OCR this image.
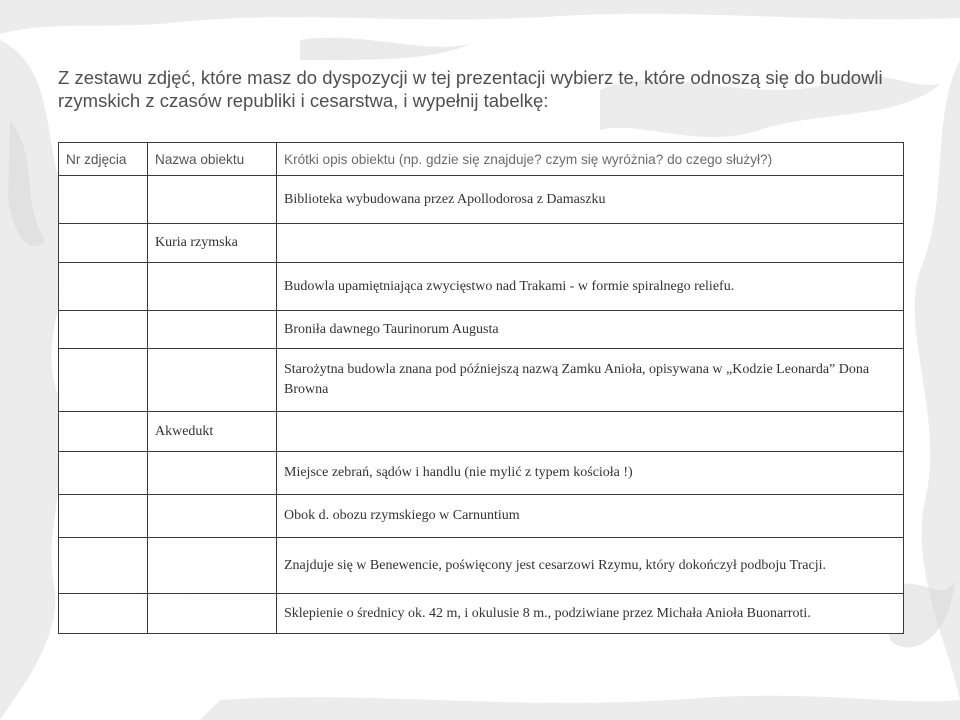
Z zestawu zdjęć, które masz do dyspozycji w tej prezentacji wybierz te, które odnoszą się do budowli rzymskich z czasów republiki i cesarstwa, i wypełnij tabelkę:

Nr zdjęcia	Nazwa obiektu	Krótki opis obiektu (np. gdzie się znajduje? czym się wyróżnia? do czego służył?)
		Biblioteka wybudowana przez Apollodorosa z Damaszku
	Kuria rzymska	
		Budowla upamiętniająca zwycięstwo nad Trakami - w formie spiralnego reliefu.
		Broniła dawnego Taurinorum Augusta
		Starożytna budowla znana pod późniejszą nazwą Zamku Anioła, opisywana w „Kodzie Leonarda” Dona Browna
	Akwedukt	
		Miejsce zebrań, sądów i handlu (nie mylić z typem kościoła !)
		Obok d. obozu rzymskiego w Carnuntium
		Znajduje się w Benewencie, poświęcony jest cesarzowi Rzymu, który dokończył podboju Tracji.
		Sklepienie o średnicy ok. 42 m, i okulusie 8 m., podziwiane przez Michała Anioła Buonarroti.
